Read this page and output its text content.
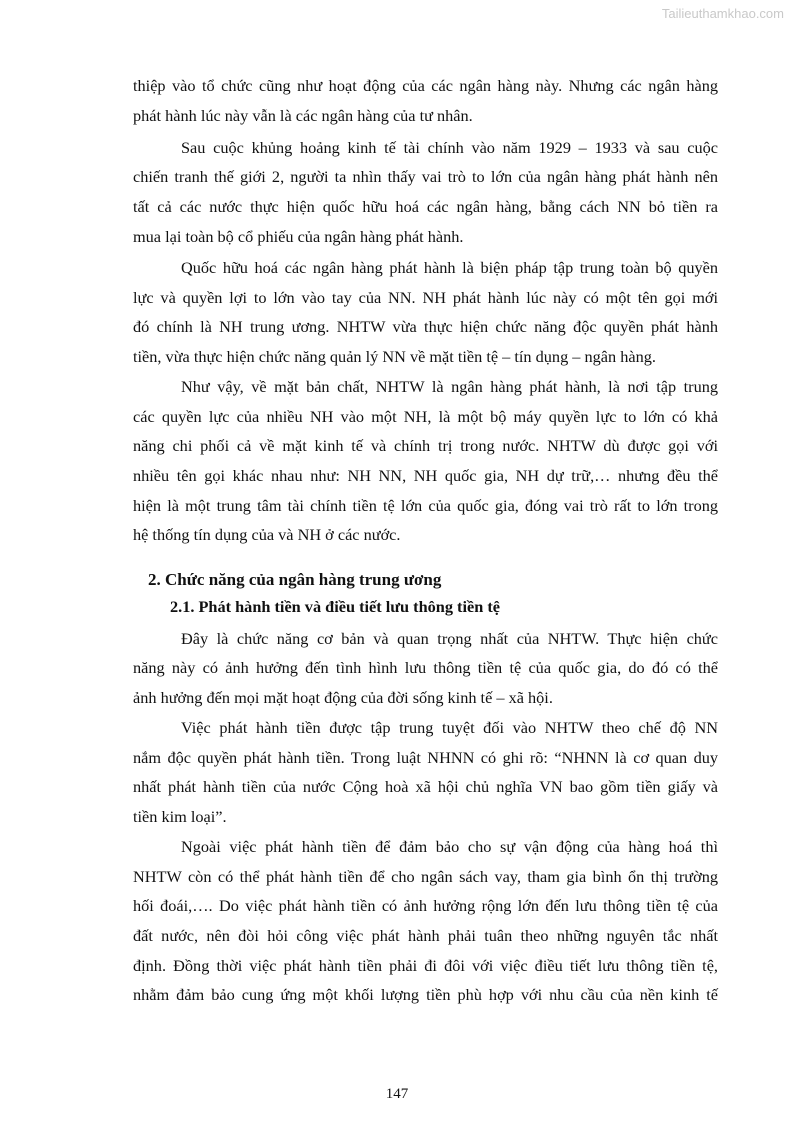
Tailieuthamkhao.com
thiệp vào tổ chức cũng như hoạt động của các ngân hàng này. Nhưng các ngân hàng
phát hành lúc này vẫn là các ngân hàng của tư nhân.
Sau cuộc khủng hoảng kinh tế tài chính vào năm 1929 – 1933 và sau cuộc
chiến tranh thế giới 2, người ta nhìn thấy vai trò to lớn của ngân hàng phát hành nên
tất cả các nước thực hiện quốc hữu hoá các ngân hàng, bằng cách NN bỏ tiền ra
mua lại toàn bộ cổ phiếu của ngân hàng phát hành.
Quốc hữu hoá các ngân hàng phát hành là biện pháp tập trung toàn bộ quyền
lực và quyền lợi to lớn vào tay của NN. NH phát hành lúc này có một tên gọi mới
đó chính là NH trung ương. NHTW vừa thực hiện chức năng độc quyền phát hành
tiền, vừa thực hiện chức năng quản lý NN về mặt tiền tệ – tín dụng – ngân hàng.
Như vậy, về mặt bản chất, NHTW là ngân hàng phát hành, là nơi tập trung
các quyền lực của nhiều NH vào một NH, là một bộ máy quyền lực to lớn có khả
năng chi phối cả về mặt kinh tế và chính trị trong nước. NHTW dù được gọi với
nhiều tên gọi khác nhau như: NH NN, NH quốc gia, NH dự trữ,… nhưng đều thể
hiện là một trung tâm tài chính tiền tệ lớn của quốc gia, đóng vai trò rất to lớn trong
hệ thống tín dụng của và NH ở các nước.
2. Chức năng của ngân hàng trung ương
2.1. Phát hành tiền và điều tiết lưu thông tiền tệ
Đây là chức năng cơ bản và quan trọng nhất của NHTW. Thực hiện chức
năng này có ảnh hưởng đến tình hình lưu thông tiền tệ của quốc gia, do đó có thể
ảnh hưởng đến mọi mặt hoạt động của đời sống kinh tế – xã hội.
Việc phát hành tiền được tập trung tuyệt đối vào NHTW theo chế độ NN
nắm độc quyền phát hành tiền. Trong luật NHNN có ghi rõ: “NHNN là cơ quan duy
nhất phát hành tiền của nước Cộng hoà xã hội chủ nghĩa VN bao gồm tiền giấy và
tiền kim loại”.
Ngoài việc phát hành tiền để đảm bảo cho sự vận động của hàng hoá thì
NHTW còn có thể phát hành tiền để cho ngân sách vay, tham gia bình ổn thị trường
hối đoái,…. Do việc phát hành tiền có ảnh hưởng rộng lớn đến lưu thông tiền tệ của
đất nước, nên đòi hỏi công việc phát hành phải tuân theo những nguyên tắc nhất
định. Đồng thời việc phát hành tiền phải đi đôi với việc điều tiết lưu thông tiền tệ,
nhằm đảm bảo cung ứng một khối lượng tiền phù hợp với nhu cầu của nền kinh tế
147
